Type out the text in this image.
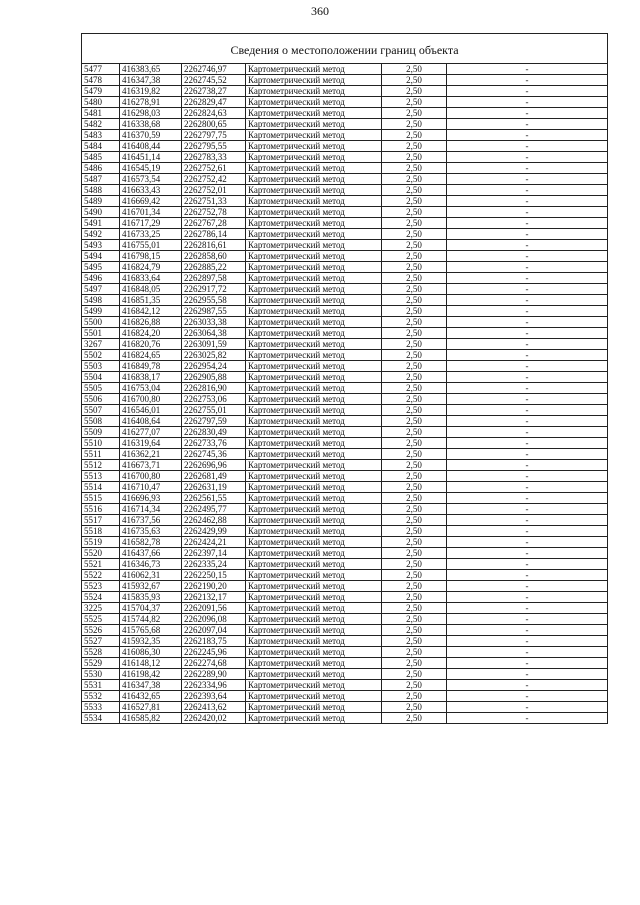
360
Сведения о местоположении границ объекта					
5477	416383,65	2262746,97	Картометрический метод	2,50	-
5478	416347,38	2262745,52	Картометрический метод	2,50	-
5479	416319,82	2262738,27	Картометрический метод	2,50	-
5480	416278,91	2262829,47	Картометрический метод	2,50	-
5481	416298,03	2262824,63	Картометрический метод	2,50	-
5482	416338,68	2262800,65	Картометрический метод	2,50	-
5483	416370,59	2262797,75	Картометрический метод	2,50	-
5484	416408,44	2262795,55	Картометрический метод	2,50	-
5485	416451,14	2262783,33	Картометрический метод	2,50	-
5486	416545,19	2262752,61	Картометрический метод	2,50	-
5487	416573,54	2262752,42	Картометрический метод	2,50	-
5488	416633,43	2262752,01	Картометрический метод	2,50	-
5489	416669,42	2262751,33	Картометрический метод	2,50	-
5490	416701,34	2262752,78	Картометрический метод	2,50	-
5491	416717,29	2262767,28	Картометрический метод	2,50	-
5492	416733,25	2262786,14	Картометрический метод	2,50	-
5493	416755,01	2262816,61	Картометрический метод	2,50	-
5494	416798,15	2262858,60	Картометрический метод	2,50	-
5495	416824,79	2262885,22	Картометрический метод	2,50	-
5496	416833,64	2262897,58	Картометрический метод	2,50	-
5497	416848,05	2262917,72	Картометрический метод	2,50	-
5498	416851,35	2262955,58	Картометрический метод	2,50	-
5499	416842,12	2262987,55	Картометрический метод	2,50	-
5500	416826,88	2263033,38	Картометрический метод	2,50	-
5501	416824,20	2263064,38	Картометрический метод	2,50	-
3267	416820,76	2263091,59	Картометрический метод	2,50	-
5502	416824,65	2263025,82	Картометрический метод	2,50	-
5503	416849,78	2262954,24	Картометрический метод	2,50	-
5504	416838,17	2262905,88	Картометрический метод	2,50	-
5505	416753,04	2262816,90	Картометрический метод	2,50	-
5506	416700,80	2262753,06	Картометрический метод	2,50	-
5507	416546,01	2262755,01	Картометрический метод	2,50	-
5508	416408,64	2262797,59	Картометрический метод	2,50	-
5509	416277,07	2262830,49	Картометрический метод	2,50	-
5510	416319,64	2262733,76	Картометрический метод	2,50	-
5511	416362,21	2262745,36	Картометрический метод	2,50	-
5512	416673,71	2262696,96	Картометрический метод	2,50	-
5513	416700,80	2262681,49	Картометрический метод	2,50	-
5514	416710,47	2262631,19	Картометрический метод	2,50	-
5515	416696,93	2262561,55	Картометрический метод	2,50	-
5516	416714,34	2262495,77	Картометрический метод	2,50	-
5517	416737,56	2262462,88	Картометрический метод	2,50	-
5518	416735,63	2262429,99	Картометрический метод	2,50	-
5519	416582,78	2262424,21	Картометрический метод	2,50	-
5520	416437,66	2262397,14	Картометрический метод	2,50	-
5521	416346,73	2262335,24	Картометрический метод	2,50	-
5522	416062,31	2262250,15	Картометрический метод	2,50	-
5523	415932,67	2262190,20	Картометрический метод	2,50	-
5524	415835,93	2262132,17	Картометрический метод	2,50	-
3225	415704,37	2262091,56	Картометрический метод	2,50	-
5525	415744,82	2262096,08	Картометрический метод	2,50	-
5526	415765,68	2262097,04	Картометрический метод	2,50	-
5527	415932,35	2262183,75	Картометрический метод	2,50	-
5528	416086,30	2262245,96	Картометрический метод	2,50	-
5529	416148,12	2262274,68	Картометрический метод	2,50	-
5530	416198,42	2262289,90	Картометрический метод	2,50	-
5531	416347,38	2262334,96	Картометрический метод	2,50	-
5532	416432,65	2262393,64	Картометрический метод	2,50	-
5533	416527,81	2262413,62	Картометрический метод	2,50	-
5534	416585,82	2262420,02	Картометрический метод	2,50	-
